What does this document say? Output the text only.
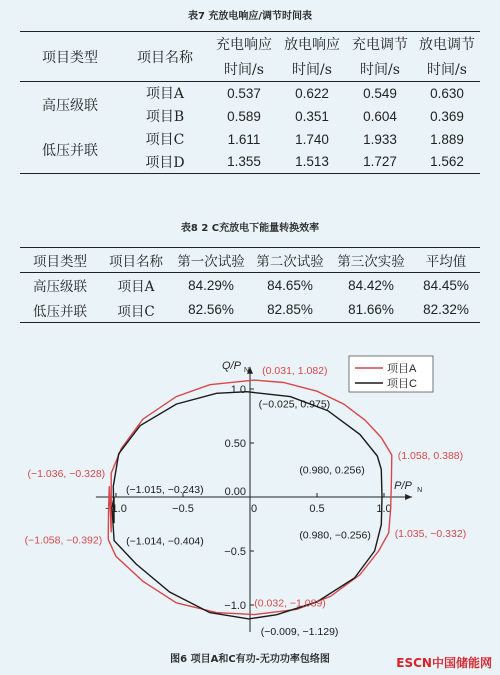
表7 充放电响应/调节时间表
项目类型	项目名称	充电响应	放电响应	充电调节	放电调节
		时间/s	时间/s	时间/s	时间/s
高压级联	项目A	0.537	0.622	0.549	0.630
	项目B	0.589	0.351	0.604	0.369
低压并联	项目C	1.611	1.740	1.933	1.889
	项目D	1.355	1.513	1.727	1.562
表8 2 C充放电下能量转换效率
项目类型	项目名称	第一次试验	第二次试验	第三次实验	平均值
高压级联	项目A	84.29%	84.65%	84.42%	84.45%
低压并联	项目C	82.56%	82.85%	81.66%	82.32%
−1.0	−0.5	0	0.5	1.0
−1.0
−0.5
0.50
1.0
0.00	P/P N
Q/P N (0.031, 1.082)
(1.058, 0.388)
(1.035, −0.332)
(0.032, −1.089)
(−1.036, −0.328)
(−1.058, −0.392)
(−0.025, 0.975)
(0.980, 0.256)
(0.980, −0.256)
(−1.015, −0.243)
(−1.014, −0.404)
(−0.009, −1.129)
项目A
项目C
图6 项目A和C有功-无功功率包络图	ESCN中国储能网
